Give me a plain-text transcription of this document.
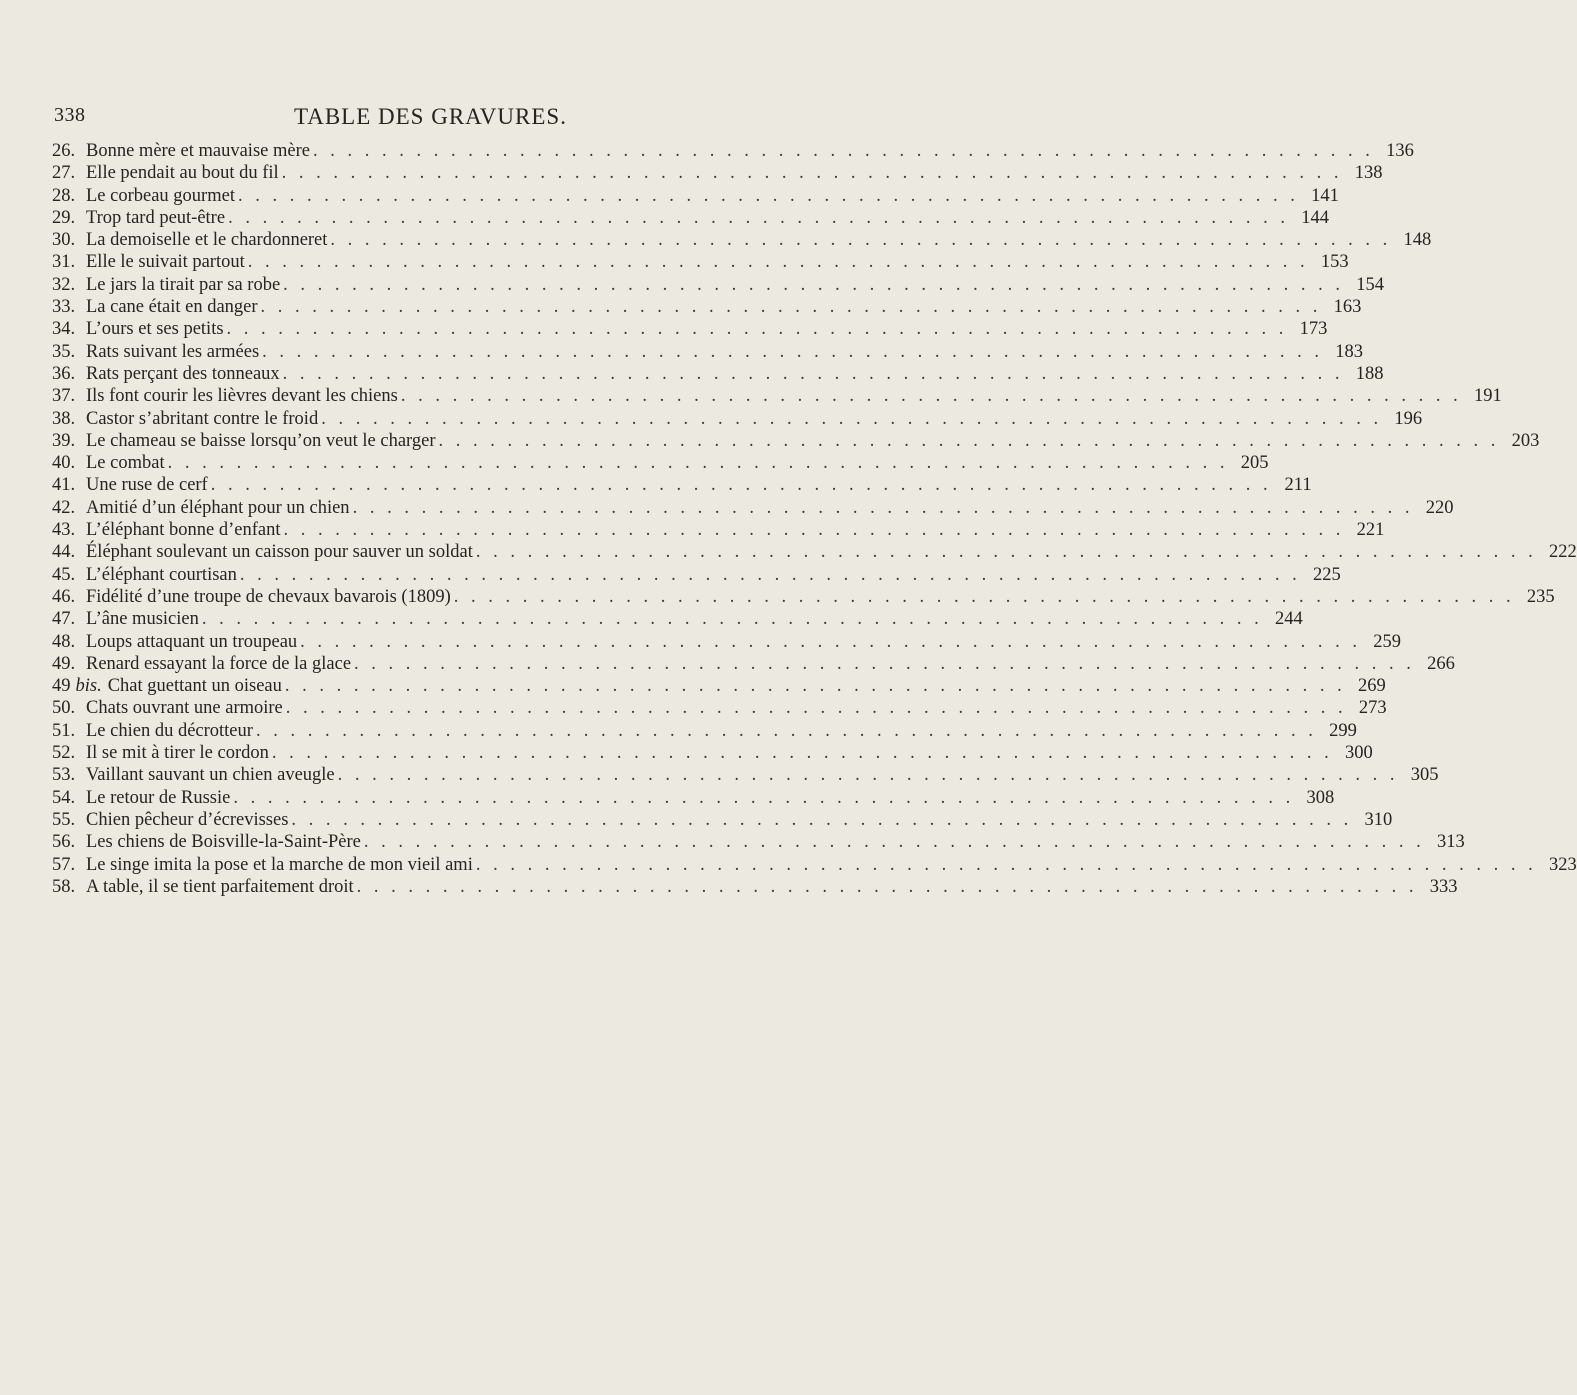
338	TABLE DES GRAVURES.
26. Bonne mère et mauvaise mère . . .	136
27. Elle pendait au bout du fil . . .	138
28. Le corbeau gourmet . . .	141
29. Trop tard peut-être . . .	144
30. La demoiselle et le chardonneret . . .	148
31. Elle le suivait partout . . .	153
32. Le jars la tirait par sa robe . . .	154
33. La cane était en danger . . .	163
34. L’ours et ses petits . . .	173
35. Rats suivant les armées . . .	183
36. Rats perçant des tonneaux . . .	188
37. Ils font courir les lièvres devant les chiens . . .	191
38. Castor s’abritant contre le froid . . .	196
39. Le chameau se baisse lorsqu’on veut le charger . . .	203
40. Le combat . . .	205
41. Une ruse de cerf . . .	211
42. Amitié d’un éléphant pour un chien . . .	220
43. L’éléphant bonne d’enfant . . .	221
44. Éléphant soulevant un caisson pour sauver un soldat . . .	222
45. L’éléphant courtisan . . .	225
46. Fidélité d’une troupe de chevaux bavarois (1809) . . .	235
47. L’âne musicien . . .	244
48. Loups attaquant un troupeau . . .	259
49. Renard essayant la force de la glace . . .	266
49 bis. Chat guettant un oiseau . . .	269
50. Chats ouvrant une armoire . . .	273
51. Le chien du décrotteur . . .	299
52. Il se mit à tirer le cordon . . .	300
53. Vaillant sauvant un chien aveugle . . .	305
54. Le retour de Russie . . .	308
55. Chien pêcheur d’écrevisses . . .	310
56. Les chiens de Boisville-la-Saint-Père . . .	313
57. Le singe imita la pose et la marche de mon vieil ami . . .	323
58. A table, il se tient parfaitement droit . . .	333
